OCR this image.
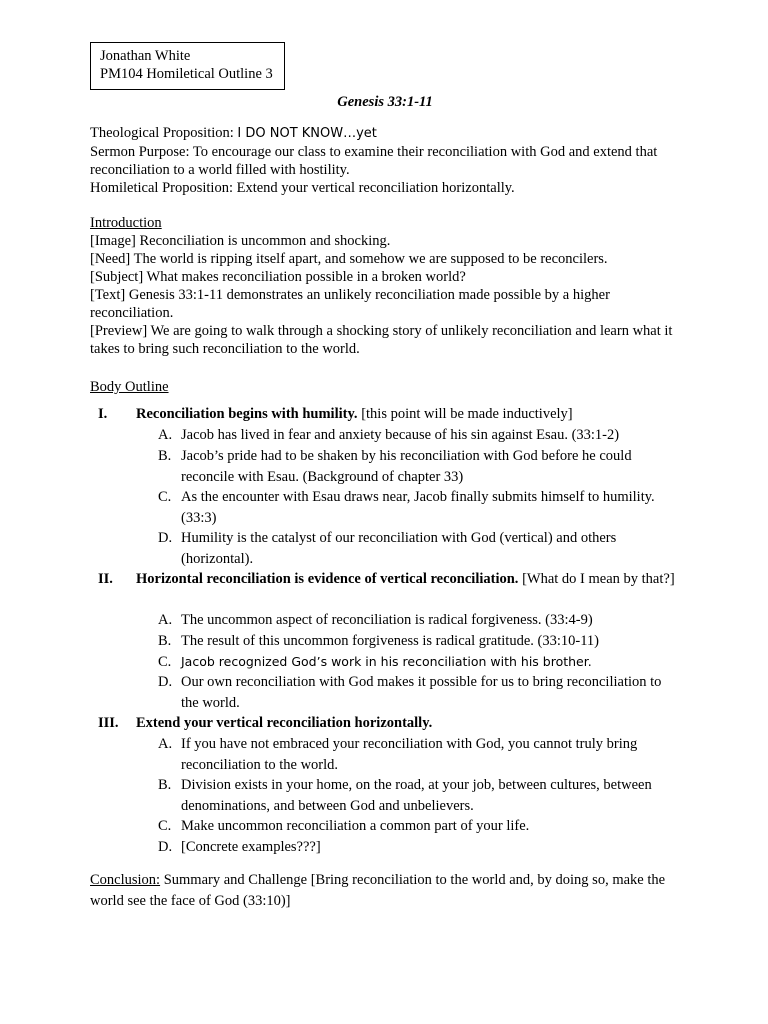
Jonathan White
PM104 Homiletical Outline 3
Genesis 33:1-11
Theological Proposition: I DO NOT KNOW…yet
Sermon Purpose: To encourage our class to examine their reconciliation with God and extend that reconciliation to a world filled with hostility.
Homiletical Proposition: Extend your vertical reconciliation horizontally.
Introduction
[Image] Reconciliation is uncommon and shocking.
[Need] The world is ripping itself apart, and somehow we are supposed to be reconcilers.
[Subject] What makes reconciliation possible in a broken world?
[Text] Genesis 33:1-11 demonstrates an unlikely reconciliation made possible by a higher reconciliation.
[Preview] We are going to walk through a shocking story of unlikely reconciliation and learn what it takes to bring such reconciliation to the world.
Body Outline
I. Reconciliation begins with humility. [this point will be made inductively]
A. Jacob has lived in fear and anxiety because of his sin against Esau. (33:1-2)
B. Jacob’s pride had to be shaken by his reconciliation with God before he could reconcile with Esau. (Background of chapter 33)
C. As the encounter with Esau draws near, Jacob finally submits himself to humility. (33:3)
D. Humility is the catalyst of our reconciliation with God (vertical) and others (horizontal).
II. Horizontal reconciliation is evidence of vertical reconciliation. [What do I mean by that?]
A. The uncommon aspect of reconciliation is radical forgiveness. (33:4-9)
B. The result of this uncommon forgiveness is radical gratitude. (33:10-11)
C. Jacob recognized God’s work in his reconciliation with his brother.
D. Our own reconciliation with God makes it possible for us to bring reconciliation to the world.
III. Extend your vertical reconciliation horizontally.
A. If you have not embraced your reconciliation with God, you cannot truly bring reconciliation to the world.
B. Division exists in your home, on the road, at your job, between cultures, between denominations, and between God and unbelievers.
C. Make uncommon reconciliation a common part of your life.
D. [Concrete examples???]
Conclusion: Summary and Challenge [Bring reconciliation to the world and, by doing so, make the world see the face of God (33:10)]
